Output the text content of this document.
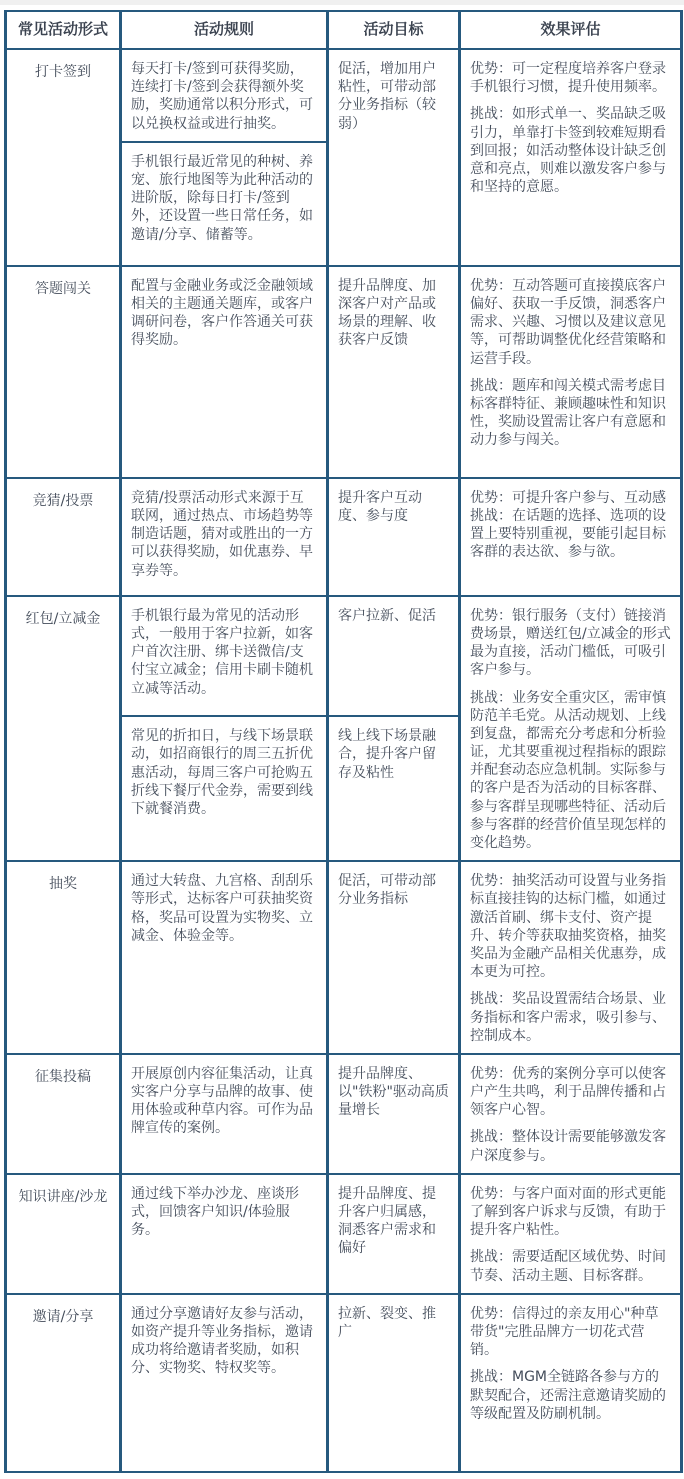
常见活动形式	活动规则	活动目标	效果评估
打卡签到	每天打卡/签到可获得奖励，连续打卡/签到会获得额外奖励，奖励通常以积分形式，可以兑换权益或进行抽奖。	促活，增加用户粘性，可带动部分业务指标（较弱）	优势：可一定程度培养客户登录手机银行习惯，提升使用频率。

挑战：如形式单一、奖品缺乏吸引力，单靠打卡签到较难短期看到回报；如活动整体设计缺乏创意和亮点，则难以激发客户参与和坚持的意愿。

	手机银行最近常见的种树、养宠、旅行地图等为此种活动的进阶版，除每日打卡/签到外，还设置一些日常任务，如邀请/分享、储蓄等。		
答题闯关	配置与金融业务或泛金融领域相关的主题通关题库，或客户调研问卷，客户作答通关可获得奖励。	提升品牌度、加深客户对产品或场景的理解、收获客户反馈	优势：互动答题可直接摸底客户偏好、获取一手反馈，洞悉客户需求、兴趣、习惯以及建议意见等，可帮助调整优化经营策略和运营手段。

挑战：题库和闯关模式需考虑目标客群特征、兼顾趣味性和知识性，奖励设置需让客户有意愿和动力参与闯关。

竞猜/投票	竞猜/投票活动形式来源于互联网，通过热点、市场趋势等制造话题，猜对或胜出的一方可以获得奖励，如优惠券、早享券等。	提升客户互动度、参与度	优势：可提升客户参与、互动感

挑战：在话题的选择、选项的设置上要特别重视，要能引起目标客群的表达欲、参与欲。

红包/立减金	手机银行最为常见的活动形式，一般用于客户拉新，如客户首次注册、绑卡送微信/支付宝立减金；信用卡刷卡随机立减等活动。	客户拉新、促活	优势：银行服务（支付）链接消费场景，赠送红包/立减金的形式最为直接，活动门槛低，可吸引客户参与。

挑战：业务安全重灾区，需审慎防范羊毛党。从活动规划、上线到复盘，都需充分考虑和分析验证，尤其要重视过程指标的跟踪并配套动态应急机制。实际参与的客户是否为活动的目标客群、参与客群呈现哪些特征、活动后参与客群的经营价值呈现怎样的变化趋势。

	常见的折扣日，与线下场景联动，如招商银行的周三五折优惠活动，每周三客户可抢购五折线下餐厅代金券，需要到线下就餐消费。	线上线下场景融合，提升客户留存及粘性	
抽奖	通过大转盘、九宫格、刮刮乐等形式，达标客户可获抽奖资格，奖品可设置为实物奖、立减金、体验金等。	促活，可带动部分业务指标	优势：抽奖活动可设置与业务指标直接挂钩的达标门槛，如通过激活首刷、绑卡支付、资产提升、转介等获取抽奖资格，抽奖奖品为金融产品相关优惠券，成本更为可控。

挑战：奖品设置需结合场景、业务指标和客户需求，吸引参与、控制成本。

征集投稿	开展原创内容征集活动，让真实客户分享与品牌的故事、使用体验或种草内容。可作为品牌宣传的案例。	提升品牌度、以"铁粉"驱动高质量增长	优势：优秀的案例分享可以使客户产生共鸣，利于品牌传播和占领客户心智。

挑战：整体设计需要能够激发客户深度参与。

知识讲座/沙龙	通过线下举办沙龙、座谈形式，回馈客户知识/体验服务。	提升品牌度、提升客户归属感，洞悉客户需求和偏好	优势：与客户面对面的形式更能了解到客户诉求与反馈，有助于提升客户粘性。

挑战：需要适配区域优势、时间节奏、活动主题、目标客群。

邀请/分享	通过分享邀请好友参与活动，如资产提升等业务指标，邀请成功将给邀请者奖励，如积分、实物奖、特权奖等。	拉新、裂变、推广	优势：信得过的亲友用心"种草带货"完胜品牌方一切花式营销。

挑战：MGM全链路各参与方的默契配合，还需注意邀请奖励的等级配置及防刷机制。
